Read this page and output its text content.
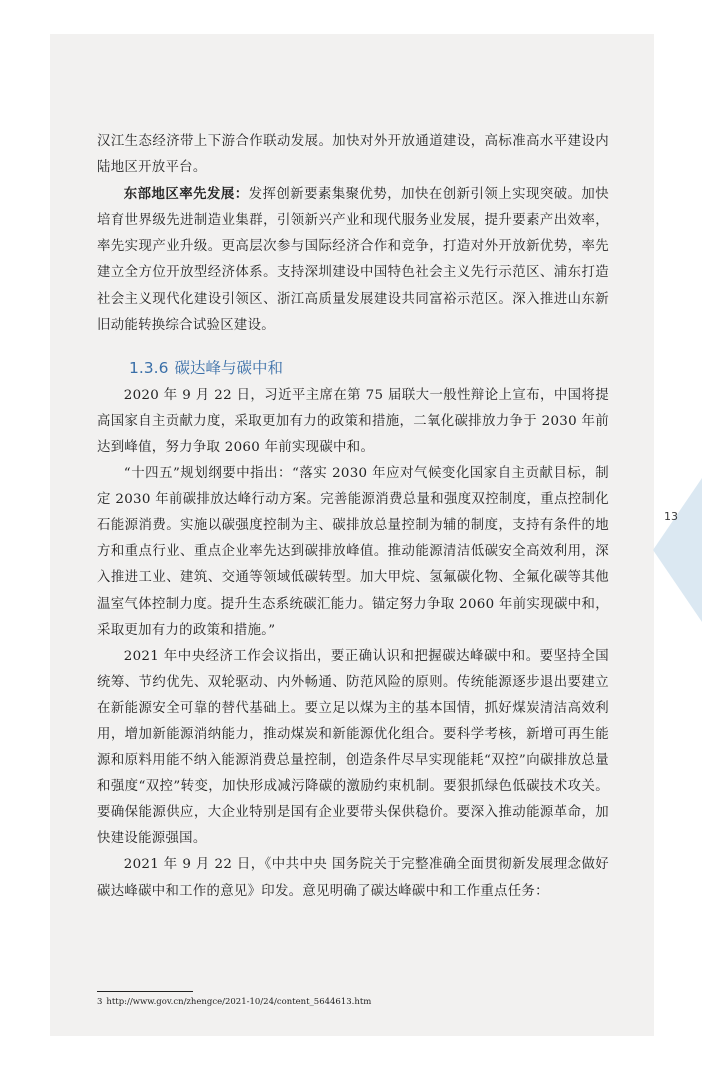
汉江生态经济带上下游合作联动发展。加快对外开放通道建设，高标准高水平建设内陆地区开放平台。

东部地区率先发展：发挥创新要素集聚优势，加快在创新引领上实现突破。加快培育世界级先进制造业集群，引领新兴产业和现代服务业发展，提升要素产出效率，率先实现产业升级。更高层次参与国际经济合作和竞争，打造对外开放新优势，率先建立全方位开放型经济体系。支持深圳建设中国特色社会主义先行示范区、浦东打造社会主义现代化建设引领区、浙江高质量发展建设共同富裕示范区。深入推进山东新旧动能转换综合试验区建设。

1.3.6 碳达峰与碳中和

2020 年 9 月 22 日，习近平主席在第 75 届联大一般性辩论上宣布，中国将提高国家自主贡献力度，采取更加有力的政策和措施，二氧化碳排放力争于 2030 年前达到峰值，努力争取 2060 年前实现碳中和。

“十四五”规划纲要中指出：“落实 2030 年应对气候变化国家自主贡献目标，制定 2030 年前碳排放达峰行动方案。完善能源消费总量和强度双控制度，重点控制化石能源消费。实施以碳强度控制为主、碳排放总量控制为辅的制度，支持有条件的地方和重点行业、重点企业率先达到碳排放峰值。推动能源清洁低碳安全高效利用，深入推进工业、建筑、交通等领域低碳转型。加大甲烷、氢氟碳化物、全氟化碳等其他温室气体控制力度。提升生态系统碳汇能力。锚定努力争取 2060 年前实现碳中和，采取更加有力的政策和措施。”

2021 年中央经济工作会议指出，要正确认识和把握碳达峰碳中和。要坚持全国统筹、节约优先、双轮驱动、内外畅通、防范风险的原则。传统能源逐步退出要建立在新能源安全可靠的替代基础上。要立足以煤为主的基本国情，抓好煤炭清洁高效利用，增加新能源消纳能力，推动煤炭和新能源优化组合。要科学考核，新增可再生能源和原料用能不纳入能源消费总量控制，创造条件尽早实现能耗“双控”向碳排放总量和强度“双控”转变，加快形成减污降碳的激励约束机制。要狠抓绿色低碳技术攻关。要确保能源供应，大企业特别是国有企业要带头保供稳价。要深入推动能源革命，加快建设能源强国。

2021 年 9 月 22 日，《中共中央 国务院关于完整准确全面贯彻新发展理念做好碳达峰碳中和工作的意见》印发。意见明确了碳达峰碳中和工作重点任务：

3 http://www.gov.cn/zhengce/2021-10/24/content_5644613.htm
13
